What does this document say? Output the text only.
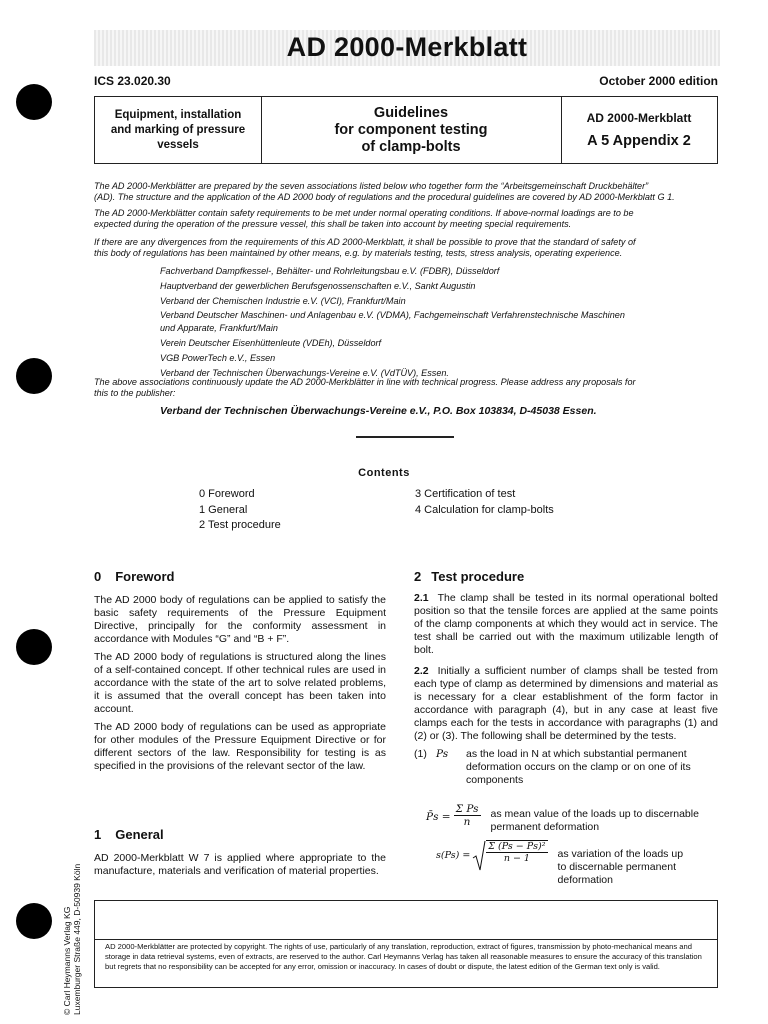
AD 2000-Merkblatt
ICS 23.020.30	October 2000 edition
Equipment, installation
and marking of pressure
vessels
Guidelines
for component testing
of clamp-bolts
AD 2000-Merkblatt
A 5 Appendix 2
The AD 2000-Merkblätter are prepared by the seven associations listed below who together form the “Arbeitsgemeinschaft Druckbehälter”
(AD). The structure and the application of the AD 2000 body of regulations and the procedural guidelines are covered by AD 2000-Merkblatt G 1.
The AD 2000-Merkblätter contain safety requirements to be met under normal operating conditions. If above-normal loadings are to be
expected during the operation of the pressure vessel, this shall be taken into account by meeting special requirements.
If there are any divergences from the requirements of this AD 2000-Merkblatt, it shall be possible to prove that the standard of safety of
this body of regulations has been maintained by other means, e.g. by materials testing, tests, stress analysis, operating experience.
Fachverband Dampfkessel-, Behälter- und Rohrleitungsbau e.V. (FDBR), Düsseldorf
Hauptverband der gewerblichen Berufsgenossenschaften e.V., Sankt Augustin
Verband der Chemischen Industrie e.V. (VCI), Frankfurt/Main
Verband Deutscher Maschinen- und Anlagenbau e.V. (VDMA), Fachgemeinschaft Verfahrenstechnische Maschinen
und Apparate, Frankfurt/Main
Verein Deutscher Eisenhüttenleute (VDEh), Düsseldorf
VGB PowerTech e.V., Essen
Verband der Technischen Überwachungs-Vereine e.V. (VdTÜV), Essen.
The above associations continuously update the AD 2000-Merkblätter in line with technical progress. Please address any proposals for
this to the publisher:
Verband der Technischen Überwachungs-Vereine e.V., P.O. Box 103834, D-45038 Essen.
Contents
0 Foreword
1 General
2 Test procedure
3 Certification of test
4 Calculation for clamp-bolts
0 Foreword

The AD 2000 body of regulations can be applied to satisfy the basic safety requirements of the Pressure Equipment Directive, principally for the conformity assessment in accordance with Modules “G” and “B + F”.

The AD 2000 body of regulations is structured along the lines of a self-contained concept. If other technical rules are used in accordance with the state of the art to solve related problems, it is assumed that the overall concept has been taken into account.

The AD 2000 body of regulations can be used as appropriate for other modules of the Pressure Equipment Directive or for different sectors of the law. Responsibility for testing is as specified in the provisions of the relevant sector of the law.

1 General

AD 2000-Merkblatt W 7 is applied where appropriate to the manufacture, materials and verification of material properties.

2 Test procedure

2.1 The clamp shall be tested in its normal operational bolted position so that the tensile forces are applied at the same points of the clamp components at which they would act in service. The test shall be carried out with the maximum utilizable length of bolt.

2.2 Initially a sufficient number of clamps shall be tested from each type of clamp as determined by dimensions and material as is necessary for a clear establishment of the form factor in accordance with paragraph (4), but in any case at least five clamps each for the tests in accordance with paragraphs (1) and (2) or (3). The following shall be determined by the tests.

(1) Ps	as the load in N at which substantial permanent deformation occurs on the clamp or on one of its components
P̄s = $\frac{\text{Σ Ps}}{n}$ as mean value of the loads up to discernable permanent deformation
s(Ps) =
Σ (Ps − P̄s)²
n − 1	as variation of the loads up to discernable permanent deformation
© Carl Heymanns Verlag KG Luxemburger Straße 449, D-50939 Köln	AD 2000-Merkblätter are protected by copyright. The rights of use, particularly of any translation, reproduction, extract of figures, transmission by photo-mechanical means and storage in data retrieval systems, even of extracts, are reserved to the author. Carl Heymanns Verlag has taken all reasonable measures to ensure the accuracy of this translation but regrets that no responsibility can be accepted for any error, omission or inaccuracy. In cases of doubt or dispute, the latest edition of the German text only is valid.
